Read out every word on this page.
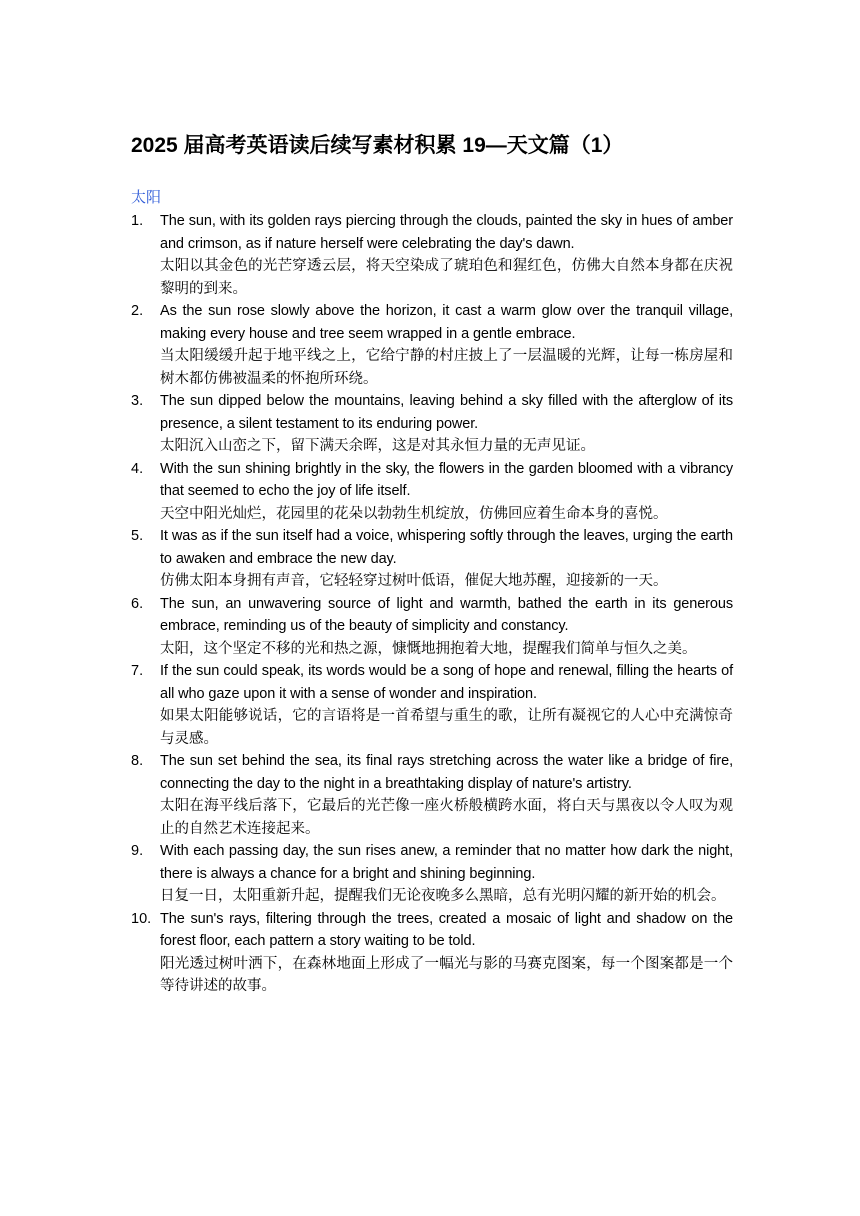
2025 届高考英语读后续写素材积累 19—天文篇（1）
太阳
1. The sun, with its golden rays piercing through the clouds, painted the sky in hues of amber and crimson, as if nature herself were celebrating the day's dawn.
太阳以其金色的光芒穿透云层，将天空染成了琥珀色和猩红色，仿佛大自然本身都在庆祝黎明的到来。
2. As the sun rose slowly above the horizon, it cast a warm glow over the tranquil village, making every house and tree seem wrapped in a gentle embrace.
当太阳缓缓升起于地平线之上，它给宁静的村庄披上了一层温暖的光辉，让每一栋房屋和树木都仿佛被温柔的怀抱所环绕。
3. The sun dipped below the mountains, leaving behind a sky filled with the afterglow of its presence, a silent testament to its enduring power.
太阳沉入山峦之下，留下满天余晖，这是对其永恒力量的无声见证。
4. With the sun shining brightly in the sky, the flowers in the garden bloomed with a vibrancy that seemed to echo the joy of life itself.
天空中阳光灿烂，花园里的花朵以勃勃生机绽放，仿佛回应着生命本身的喜悦。
5. It was as if the sun itself had a voice, whispering softly through the leaves, urging the earth to awaken and embrace the new day.
仿佛太阳本身拥有声音，它轻轻穿过树叶低语，催促大地苏醒，迎接新的一天。
6. The sun, an unwavering source of light and warmth, bathed the earth in its generous embrace, reminding us of the beauty of simplicity and constancy.
太阳，这个坚定不移的光和热之源，慷慨地拥抱着大地，提醒我们简单与恒久之美。
7. If the sun could speak, its words would be a song of hope and renewal, filling the hearts of all who gaze upon it with a sense of wonder and inspiration.
如果太阳能够说话，它的言语将是一首希望与重生的歌，让所有凝视它的人心中充满惊奇与灵感。
8. The sun set behind the sea, its final rays stretching across the water like a bridge of fire, connecting the day to the night in a breathtaking display of nature's artistry.
太阳在海平线后落下，它最后的光芒像一座火桥般横跨水面，将白天与黑夜以令人叹为观止的自然艺术连接起来。
9. With each passing day, the sun rises anew, a reminder that no matter how dark the night, there is always a chance for a bright and shining beginning.
日复一日，太阳重新升起，提醒我们无论夜晚多么黑暗，总有光明闪耀的新开始的机会。
10. The sun's rays, filtering through the trees, created a mosaic of light and shadow on the forest floor, each pattern a story waiting to be told.
阳光透过树叶洒下，在森林地面上形成了一幅光与影的马赛克图案，每一个图案都是一个等待讲述的故事。
